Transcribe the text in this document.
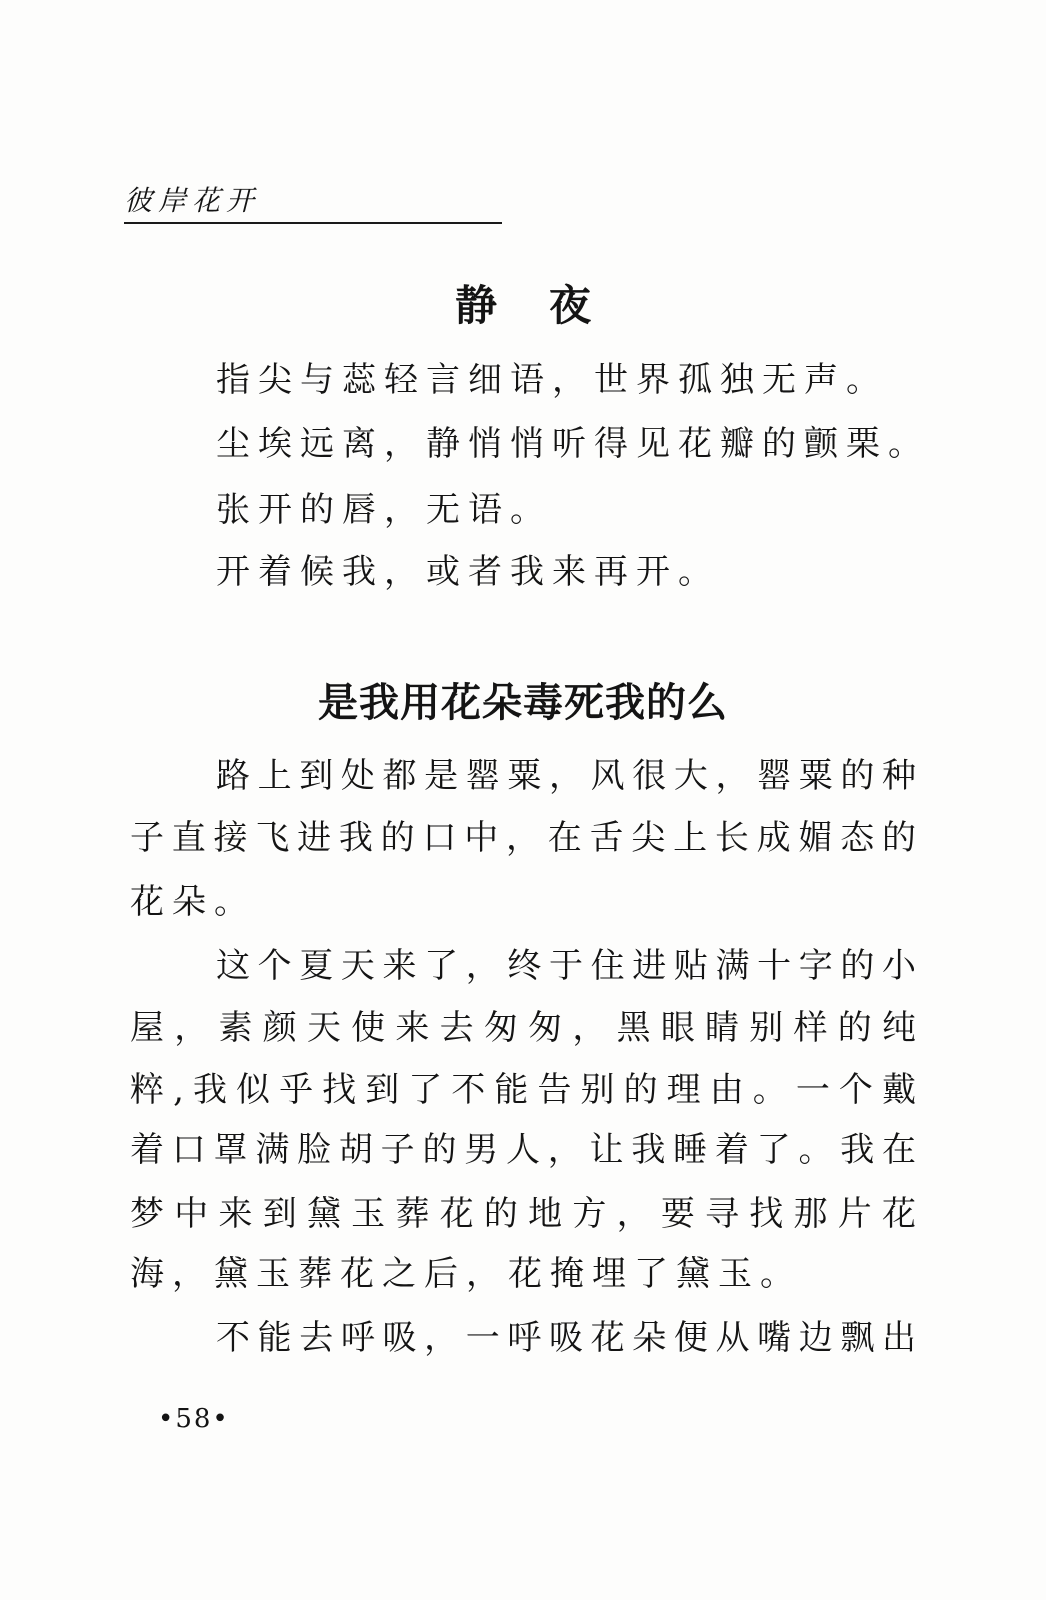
彼岸花开
静夜
指尖与蕊轻言细语，世界孤独无声。
尘埃远离，静悄悄听得见花瓣的颤栗。
张开的唇，无语。
开着候我，或者我来再开。
是我用花朵毒死我的么
路上到处都是罂粟，风很大，罂粟的种
子直接飞进我的口中，在舌尖上长成媚态的
花朵。
这个夏天来了，终于住进贴满十字的小
屋，素颜天使来去匆匆，黑眼睛别样的纯
粹,我似乎找到了不能告别的理由。一个戴
着口罩满脸胡子的男人，让我睡着了。我在
梦中来到黛玉葬花的地方，要寻找那片花
海，黛玉葬花之后，花掩埋了黛玉。
不能去呼吸，一呼吸花朵便从嘴边飘出
•58•
